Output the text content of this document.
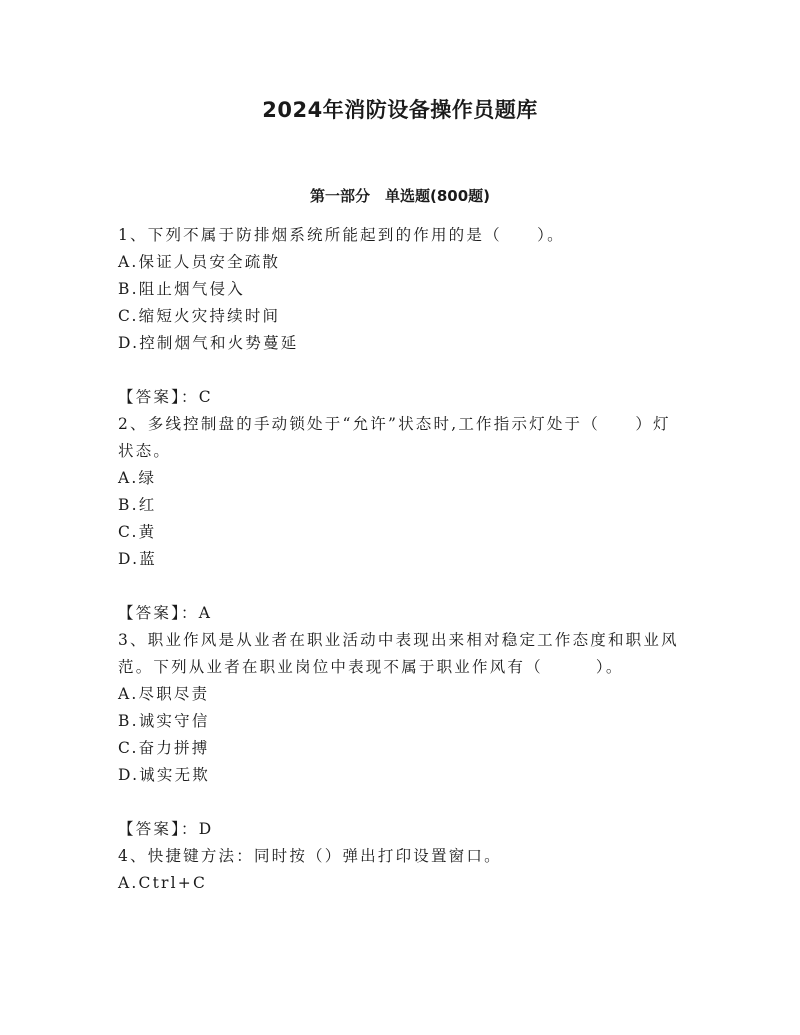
2024年消防设备操作员题库
第一部分　单选题(800题)
1、下列不属于防排烟系统所能起到的作用的是（　　）。
A.保证人员安全疏散
B.阻止烟气侵入
C.缩短火灾持续时间
D.控制烟气和火势蔓延
【答案】：C
2、多线控制盘的手动锁处于“允许”状态时,工作指示灯处于（　　）灯状态。
A.绿
B.红
C.黄
D.蓝
【答案】：A
3、职业作风是从业者在职业活动中表现出来相对稳定工作态度和职业风范。下列从业者在职业岗位中表现不属于职业作风有（　　　）。
A.尽职尽责
B.诚实守信
C.奋力拼搏
D.诚实无欺
【答案】：D
4、快捷键方法：同时按（）弹出打印设置窗口。
A.Ctrl+C
